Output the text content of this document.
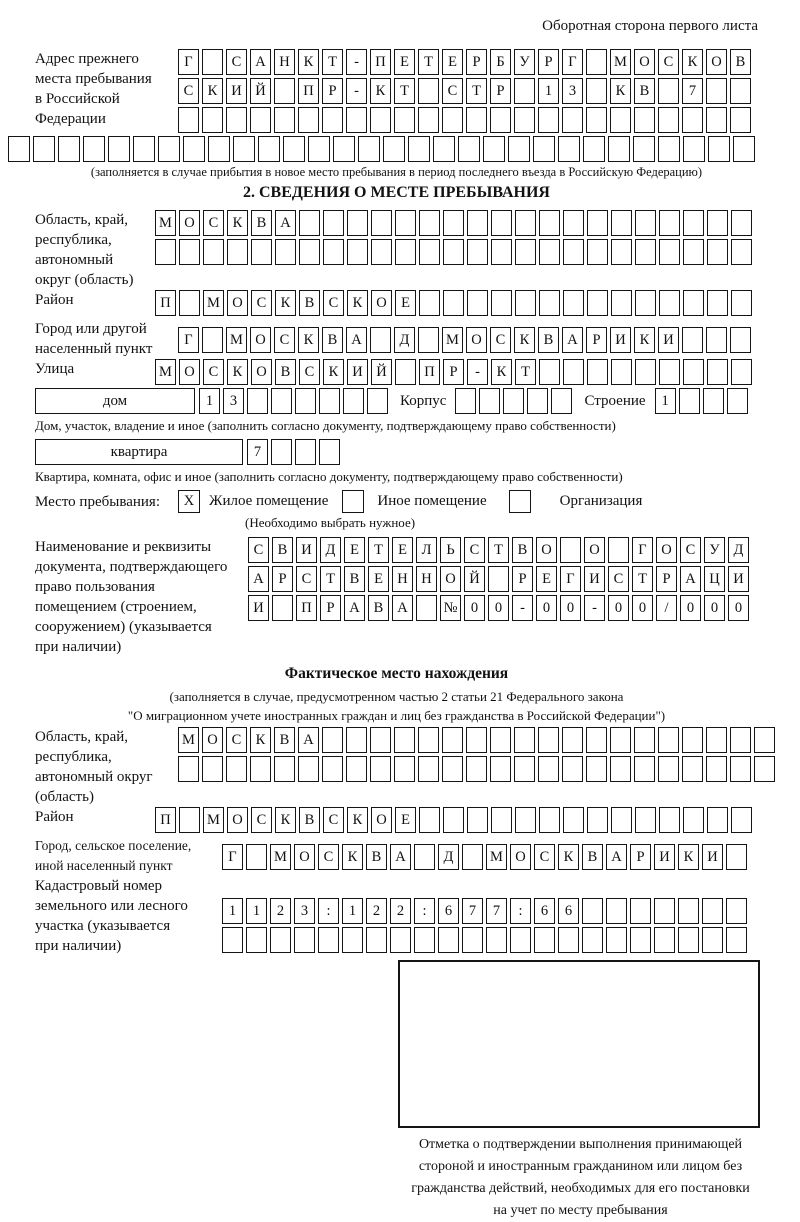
Оборотная сторона первого листа
Адрес прежнего
места пребывания
в Российской
Федерации
Г	С А Н К	Т	-	П Е	Т	Е	Р	Б	У	Р	Г	М О С К О В
С К И Й	П	Р	-	К	Т	С	Т	Р	1	3	К В	7
(заполняется в случае прибытия в новое место пребывания в период последнего въезда в Российскую Федерацию)
2. СВЕДЕНИЯ О МЕСТЕ ПРЕБЫВАНИЯ
Область, край,
республика,
автономный
округ (область)
М О С К В А
Район	П	М О С К В С К О Е
Город или другой
населенный пункт
Г	М О С К В А	Д	М О С К В А	Р	И К И
Улица	М О С К О В С К И Й	П	Р	-	К	Т
дом	1	3	Корпус	Строение	1
Дом, участок, владение и иное (заполнить согласно документу, подтверждающему право собственности)
квартира	7
Квартира, комната, офис и иное (заполнить согласно документу, подтверждающему право собственности)
Место пребывания:	X Жилое помещение	Иное помещение	Организация
(Необходимо выбрать нужное)
Наименование и реквизиты
документа, подтверждающего
право пользования
помещением (строением,
сооружением) (указывается
при наличии)
С В И Д	Е	Т	Е	Л	Ь	С	Т	В О	О	Г	О С У Д
А	Р	С	Т	В	Е Н Н О Й	Р	Е	Г	И С	Т	Р	А Ц И
И	П	Р	А В А	№ 0	0	-	0	0	-	0	0	/	0	0	0
Фактическое место нахождения
(заполняется в случае, предусмотренном частью 2 статьи 21 Федерального закона
"О миграционном учете иностранных граждан и лиц без гражданства в Российской Федерации")
Область, край,
республика,
автономный округ
(область)
М О С К В А
Район	П	М О С К В С К О Е
Город, сельское поселение,
иной населенный пункт
Г	М О С К В А	Д	М О С К В А	Р	И К И
Кадастровый номер
земельного или лесного
участка (указывается
при наличии)
1	1	2	3	:	1	2	2	:	6	7	7	:	6	6
Отметка о подтверждении выполнения принимающей
стороной и иностранным гражданином или лицом без
гражданства действий, необходимых для его постановки
на учет по месту пребывания
